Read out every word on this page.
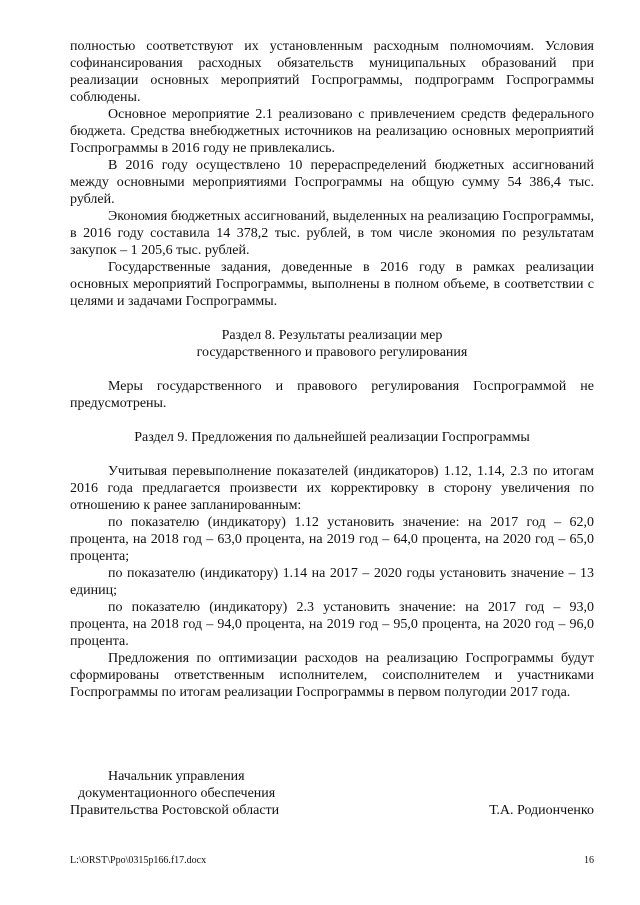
полностью соответствуют их установленным расходным полномочиям. Условия софинансирования расходных обязательств муниципальных образований при реализации основных мероприятий Госпрограммы, подпрограмм Госпрограммы соблюдены.

Основное мероприятие 2.1 реализовано с привлечением средств федерального бюджета. Средства внебюджетных источников на реализацию основных мероприятий Госпрограммы в 2016 году не привлекались.

В 2016 году осуществлено 10 перераспределений бюджетных ассигнований между основными мероприятиями Госпрограммы на общую сумму 54 386,4 тыс. рублей.

Экономия бюджетных ассигнований, выделенных на реализацию Госпрограммы, в 2016 году составила 14 378,2 тыс. рублей, в том числе экономия по результатам закупок – 1 205,6 тыс. рублей.

Государственные задания, доведенные в 2016 году в рамках реализации основных мероприятий Госпрограммы, выполнены в полном объеме, в соответствии с целями и задачами Госпрограммы.

Раздел 8. Результаты реализации мер

государственного и правового регулирования

Меры государственного и правового регулирования Госпрограммой не предусмотрены.

Раздел 9. Предложения по дальнейшей реализации Госпрограммы

Учитывая перевыполнение показателей (индикаторов) 1.12, 1.14, 2.3 по итогам 2016 года предлагается произвести их корректировку в сторону увеличения по отношению к ранее запланированным:

по показателю (индикатору) 1.12 установить значение: на 2017 год – 62,0 процента, на 2018 год – 63,0 процента, на 2019 год – 64,0 процента, на 2020 год – 65,0 процента;

по показателю (индикатору) 1.14 на 2017 – 2020 годы установить значение – 13 единиц;

по показателю (индикатору) 2.3 установить значение: на 2017 год – 93,0 процента, на 2018 год – 94,0 процента, на 2019 год – 95,0 процента, на 2020 год – 96,0 процента.

Предложения по оптимизации расходов на реализацию Госпрограммы будут сформированы ответственным исполнителем, соисполнителем и участниками Госпрограммы по итогам реализации Госпрограммы в первом полугодии 2017 года.

Начальник управления
документационного обеспечения
Правительства Ростовской области	Т.А. Родионченко
L:\ORST\Ppo\0315p166.f17.docx	16
